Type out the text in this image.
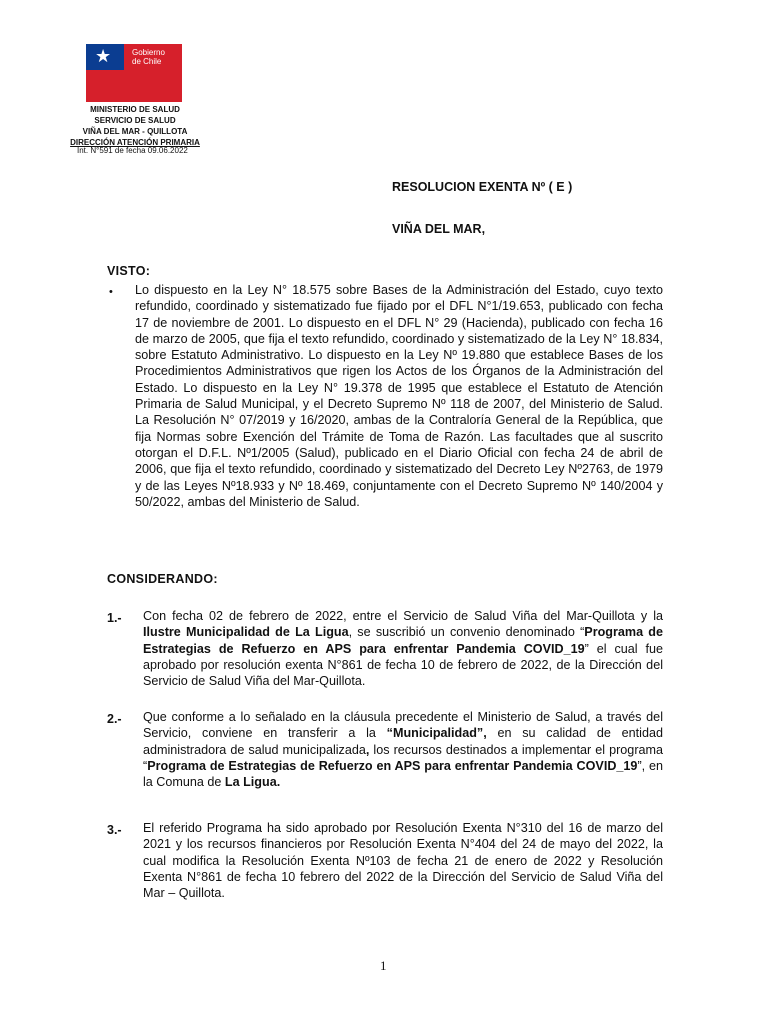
★	Gobierno
de Chile
MINISTERIO DE SALUD
SERVICIO DE SALUD
VIÑA DEL MAR - QUILLOTA
DIRECCIÓN ATENCIÓN PRIMARIA
Int. N°591 de fecha 09.06.2022
RESOLUCION EXENTA Nº ( E )
VIÑA DEL MAR,
VISTO:
• Lo dispuesto en la Ley N° 18.575 sobre Bases de la Administración del Estado, cuyo texto refundido, coordinado y sistematizado fue fijado por el DFL N°1/19.653, publicado con fecha 17 de noviembre de 2001. Lo dispuesto en el DFL N° 29 (Hacienda), publicado con fecha 16 de marzo de 2005, que fija el texto refundido, coordinado y sistematizado de la Ley N° 18.834, sobre Estatuto Administrativo. Lo dispuesto en la Ley Nº 19.880 que establece Bases de los Procedimientos Administrativos que rigen los Actos de los Órganos de la Administración del Estado. Lo dispuesto en la Ley N° 19.378 de 1995 que establece el Estatuto de Atención Primaria de Salud Municipal, y el Decreto Supremo Nº 118 de 2007, del Ministerio de Salud. La Resolución N° 07/2019 y 16/2020, ambas de la Contraloría General de la República, que fija Normas sobre Exención del Trámite de Toma de Razón. Las facultades que al suscrito otorgan el D.F.L. Nº1/2005 (Salud), publicado en el Diario Oficial con fecha 24 de abril de 2006, que fija el texto refundido, coordinado y sistematizado del Decreto Ley Nº2763, de 1979 y de las Leyes Nº18.933 y Nº 18.469, conjuntamente con el Decreto Supremo Nº 140/2004 y 50/2022, ambas del Ministerio de Salud.
CONSIDERANDO:
1.- Con fecha 02 de febrero de 2022, entre el Servicio de Salud Viña del Mar-Quillota y la Ilustre Municipalidad de La Ligua, se suscribió un convenio denominado “Programa de Estrategias de Refuerzo en APS para enfrentar Pandemia COVID_19” el cual fue aprobado por resolución exenta N°861 de fecha 10 de febrero de 2022, de la Dirección del Servicio de Salud Viña del Mar-Quillota.
2.- Que conforme a lo señalado en la cláusula precedente el Ministerio de Salud, a través del Servicio, conviene en transferir a la “Municipalidad”, en su calidad de entidad administradora de salud municipalizada, los recursos destinados a implementar el programa “Programa de Estrategias de Refuerzo en APS para enfrentar Pandemia COVID_19”, en la Comuna de La Ligua.
3.- El referido Programa ha sido aprobado por Resolución Exenta N°310 del 16 de marzo del 2021 y los recursos financieros por Resolución Exenta N°404 del 24 de mayo del 2022, la cual modifica la Resolución Exenta Nº103 de fecha 21 de enero de 2022 y Resolución Exenta N°861 de fecha 10 febrero del 2022 de la Dirección del Servicio de Salud Viña del Mar – Quillota.
1
